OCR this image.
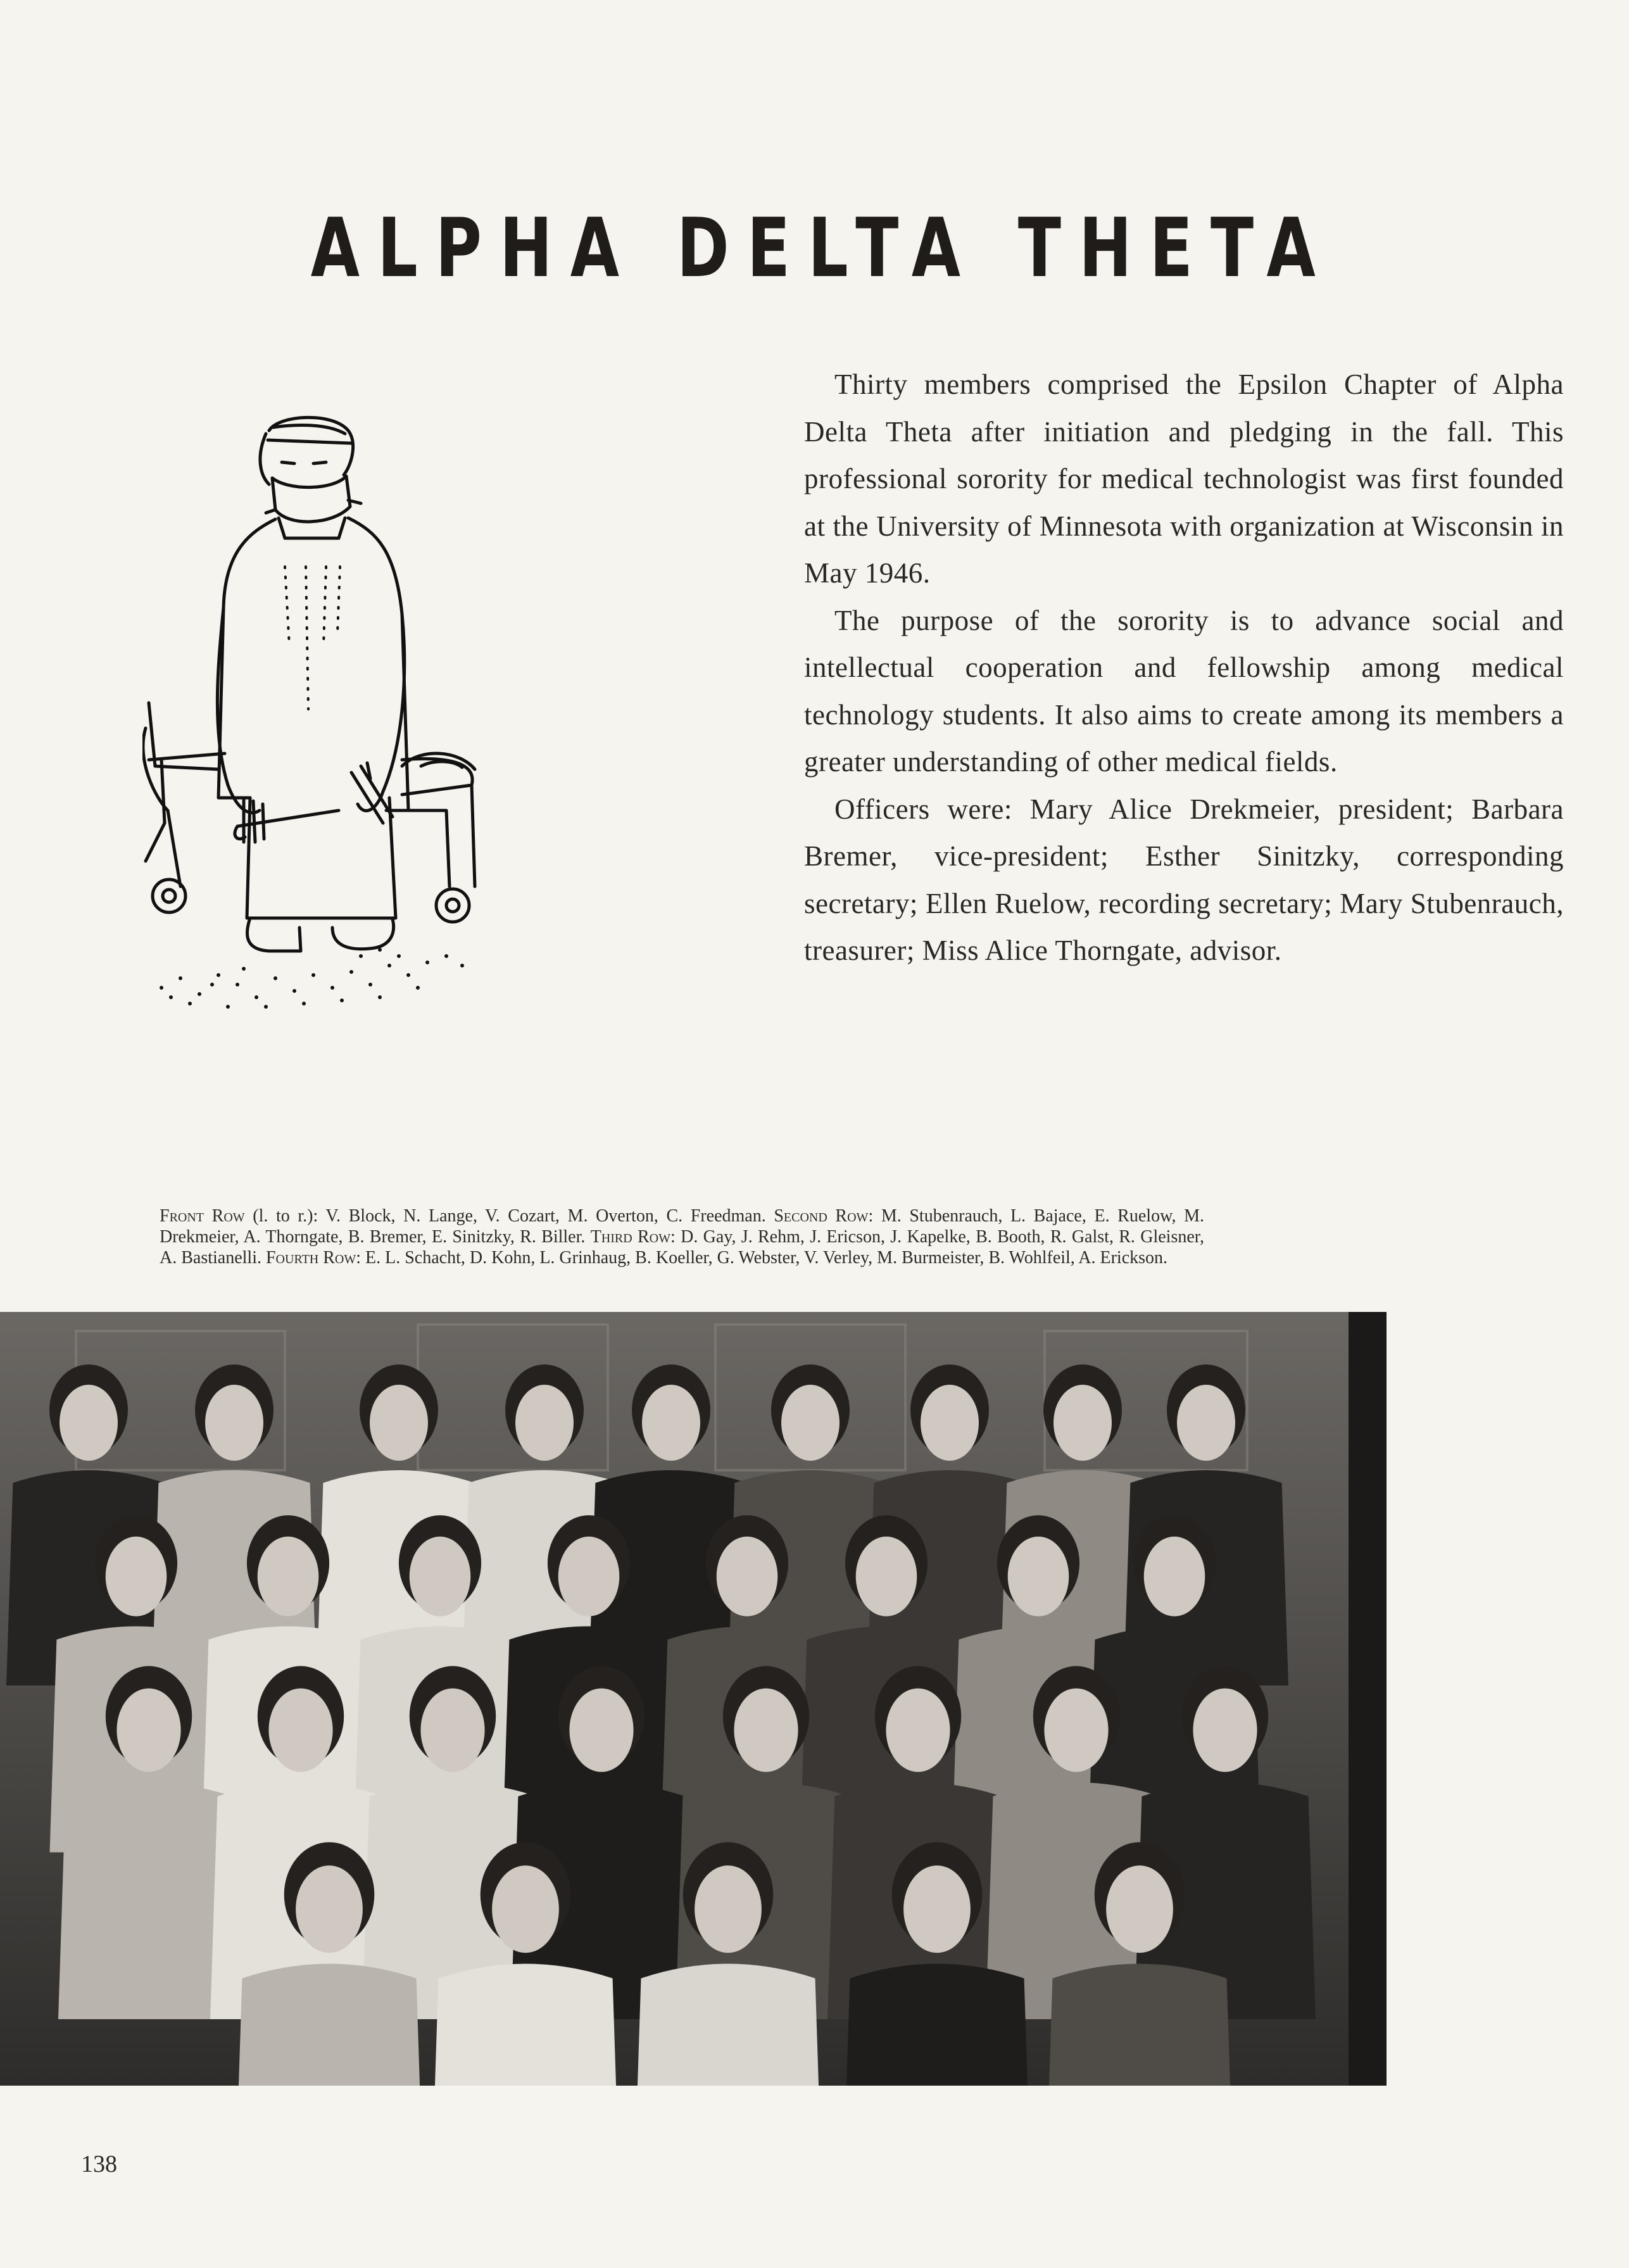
ALPHA DELTA THETA

Thirty members comprised the Epsilon Chapter of Alpha Delta Theta after initiation and pledging in the fall. This professional sorority for medical technologist was first founded at the University of Minnesota with organization at Wisconsin in May 1946.

The purpose of the sorority is to advance social and intellectual cooperation and fellowship among medical technology students. It also aims to create among its members a greater understanding of other medical fields.

Officers were: Mary Alice Drekmeier, president; Barbara Bremer, vice-president; Esther Sinitzky, corresponding secretary; Ellen Ruelow, recording secretary; Mary Stubenrauch, treasurer; Miss Alice Thorngate, advisor.

Front Row (l. to r.): V. Block, N. Lange, V. Cozart, M. Overton, C. Freedman. Second Row: M. Stubenrauch, L. Bajace, E. Ruelow, M. Drekmeier, A. Thorngate, B. Bremer, E. Sinitzky, R. Biller. Third Row: D. Gay, J. Rehm, J. Ericson, J. Kapelke, B. Booth, R. Galst, R. Gleisner, A. Bastianelli. Fourth Row: E. L. Schacht, D. Kohn, L. Grinhaug, B. Koeller, G. Webster, V. Verley, M. Burmeister, B. Wohlfeil, A. Erickson.
138
